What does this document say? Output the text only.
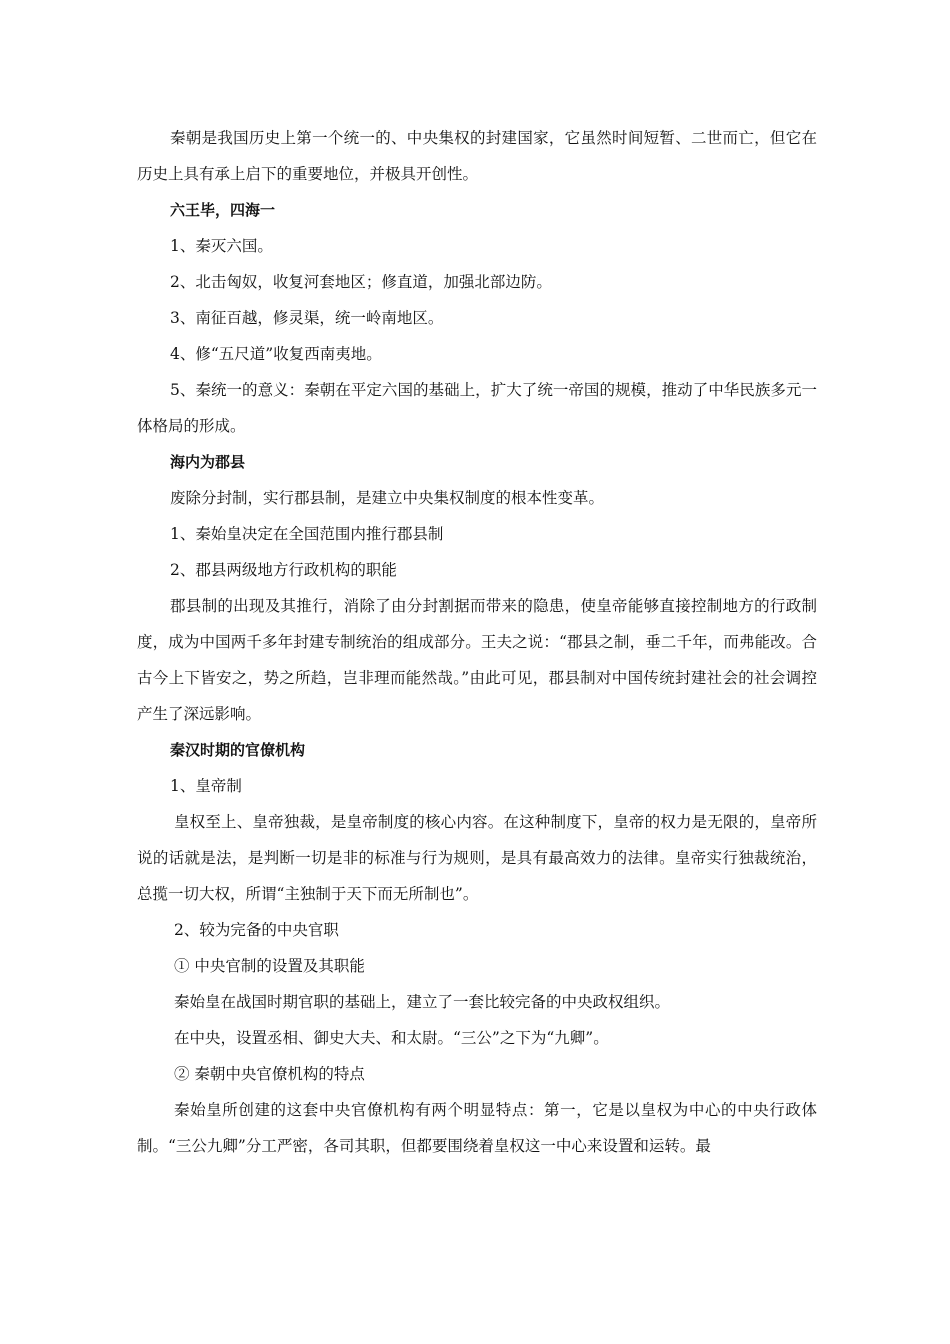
秦朝是我国历史上第一个统一的、中央集权的封建国家，它虽然时间短暂、二世而亡，但它在历史上具有承上启下的重要地位，并极具开创性。

六王毕，四海一

1、秦灭六国。

2、北击匈奴，收复河套地区；修直道，加强北部边防。

3、南征百越，修灵渠，统一岭南地区。

4、修“五尺道”收复西南夷地。

5、秦统一的意义：秦朝在平定六国的基础上，扩大了统一帝国的规模，推动了中华民族多元一体格局的形成。

海内为郡县

废除分封制，实行郡县制，是建立中央集权制度的根本性变革。

1、秦始皇决定在全国范围内推行郡县制

2、郡县两级地方行政机构的职能

郡县制的出现及其推行，消除了由分封割据而带来的隐患，使皇帝能够直接控制地方的行政制度，成为中国两千多年封建专制统治的组成部分。王夫之说：“郡县之制，垂二千年，而弗能改。合古今上下皆安之，势之所趋，岂非理而能然哉。”由此可见，郡县制对中国传统封建社会的社会调控产生了深远影响。

秦汉时期的官僚机构

1、皇帝制

皇权至上、皇帝独裁，是皇帝制度的核心内容。在这种制度下，皇帝的权力是无限的，皇帝所说的话就是法，是判断一切是非的标准与行为规则，是具有最高效力的法律。皇帝实行独裁统治，总揽一切大权，所谓“主独制于天下而无所制也”。

2、较为完备的中央官职

① 中央官制的设置及其职能

秦始皇在战国时期官职的基础上，建立了一套比较完备的中央政权组织。

在中央，设置丞相、御史大夫、和太尉。“三公”之下为“九卿”。

② 秦朝中央官僚机构的特点

秦始皇所创建的这套中央官僚机构有两个明显特点：第一，它是以皇权为中心的中央行政体制。“三公九卿”分工严密，各司其职，但都要围绕着皇权这一中心来设置和运转。最
